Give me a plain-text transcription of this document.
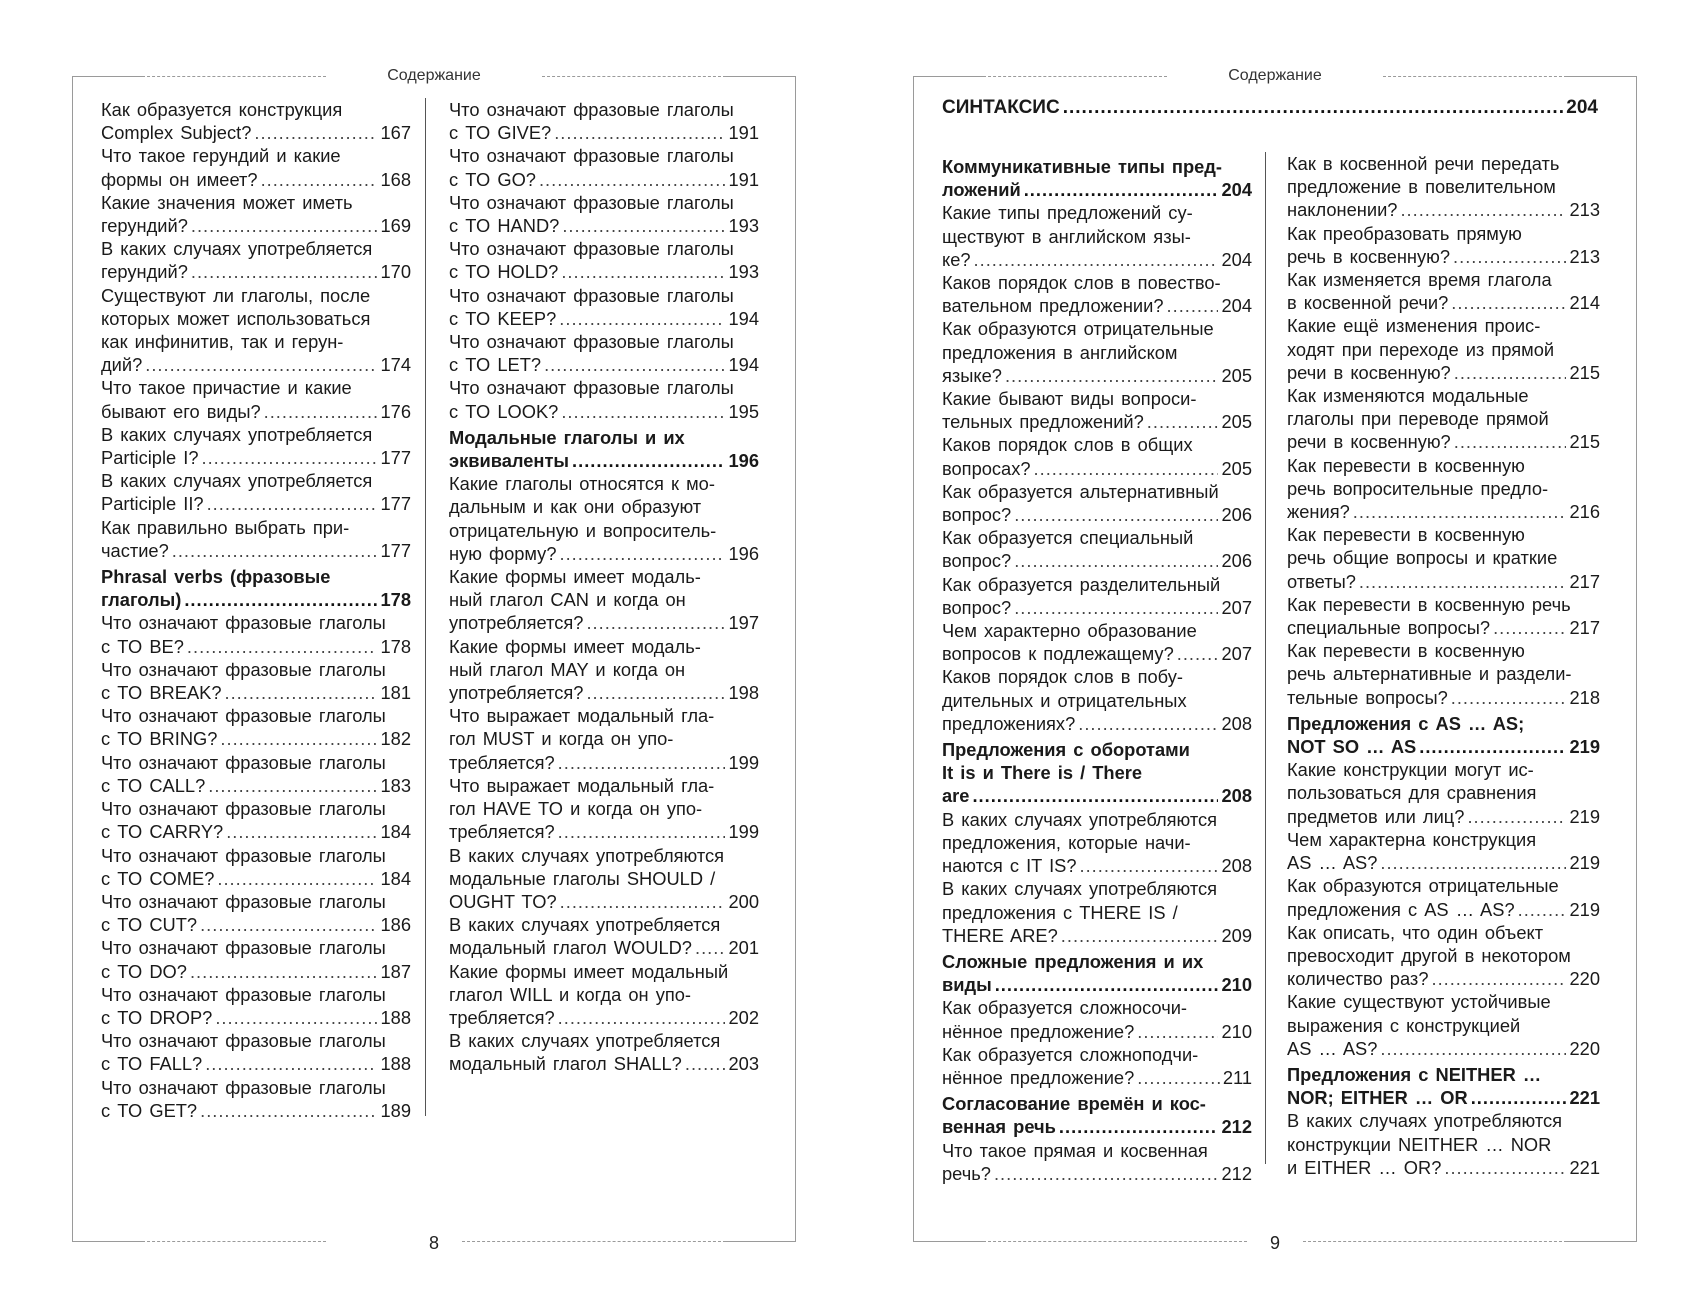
Содержание
Как образуется конструкция
Complex Subject? .....	167
Что такое герундий и какие
формы он имеет? .....	168
Какие значения может иметь
герундий? .....	169
В каких случаях употребляется
герундий? .....	170
Существуют ли глаголы, после
которых может использоваться
как инфинитив, так и герун-
дий? .....	174
Что такое причастие и какие
бывают его виды? .....	176
В каких случаях употребляется
Participle I? .....	177
В каких случаях употребляется
Participle II? .....	177
Как правильно выбрать при-
частие? .....	177
Phrasal verbs (фразовые
глаголы) .....	178
Что означают фразовые глаголы
с TO BE? .....	178
Что означают фразовые глаголы
с TO BREAK? .....	181
Что означают фразовые глаголы
с TO BRING? .....	182
Что означают фразовые глаголы
с TO CALL? .....	183
Что означают фразовые глаголы
с TO CARRY? .....	184
Что означают фразовые глаголы
с TO COME? .....	184
Что означают фразовые глаголы
с TO CUT? .....	186
Что означают фразовые глаголы
с TO DO? .....	187
Что означают фразовые глаголы
с TO DROP? .....	188
Что означают фразовые глаголы
с TO FALL? .....	188
Что означают фразовые глаголы
с TO GET? .....	189
Что означают фразовые глаголы
с TO GIVE? .....	191
Что означают фразовые глаголы
с TO GO? .....	191
Что означают фразовые глаголы
с TO HAND? .....	193
Что означают фразовые глаголы
с TO HOLD? .....	193
Что означают фразовые глаголы
с TO KEEP? .....	194
Что означают фразовые глаголы
с TO LET? .....	194
Что означают фразовые глаголы
с TO LOOK? .....	195
Модальные глаголы и их
эквиваленты .....	196
Какие глаголы относятся к мо-
дальным и как они образуют
отрицательную и вопроситель-
ную форму? .....	196
Какие формы имеет модаль-
ный глагол CAN и когда он
употребляется? .....	197
Какие формы имеет модаль-
ный глагол MAY и когда он
употребляется? .....	198
Что выражает модальный гла-
гол MUST и когда он упо-
требляется? .....	199
Что выражает модальный гла-
гол HAVE TO и когда он упо-
требляется? .....	199
В каких случаях употребляются
модальные глаголы SHOULD /
OUGHT TO? .....	200
В каких случаях употребляется
модальный глагол WOULD? ..... 201
Какие формы имеет модальный
глагол WILL и когда он упо-
требляется? .....	202
В каких случаях употребляется
модальный глагол SHALL? .....	203
8
Содержание
СИНТАКСИС .....	204
Коммуникативные типы пред-
ложений .....	204
Какие типы предложений су-
ществуют в английском язы-
ке? .....	204
Каков порядок слов в повество-
вательном предложении? .....	204
Как образуются отрицательные
предложения в английском
языке? .....	205
Какие бывают виды вопроси-
тельных предложений? .....	205
Каков порядок слов в общих
вопросах? .....	205
Как образуется альтернативный
вопрос? .....	206
Как образуется специальный
вопрос? .....	206
Как образуется разделительный
вопрос? .....	207
Чем характерно образование
вопросов к подлежащему? .....	207
Каков порядок слов в побу-
дительных и отрицательных
предложениях? .....	208
Предложения с оборотами
It is и There is / There
are .....	208
В каких случаях употребляются
предложения, которые начи-
наются с IT IS? .....	208
В каких случаях употребляются
предложения с THERE IS /
THERE ARE? .....	209
Сложные предложения и их
виды .....	210
Как образуется сложносочи-
нённое предложение? .....	210
Как образуется сложноподчи-
нённое предложение? .....	211
Согласование времён и кос-
венная речь .....	212
Что такое прямая и косвенная
речь? .....	212
Как в косвенной речи передать
предложение в повелительном
наклонении? .....	213
Как преобразовать прямую
речь в косвенную? .....	213
Как изменяется время глагола
в косвенной речи? .....	214
Какие ещё изменения проис-
ходят при переходе из прямой
речи в косвенную? .....	215
Как изменяются модальные
глаголы при переводе прямой
речи в косвенную? .....	215
Как перевести в косвенную
речь вопросительные предло-
жения? .....	216
Как перевести в косвенную
речь общие вопросы и краткие
ответы? .....	217
Как перевести в косвенную речь
специальные вопросы? .....	217
Как перевести в косвенную
речь альтернативные и раздели-
тельные вопросы? .....	218
Предложения с AS … AS;
NOT SO … AS .....	219
Какие конструкции могут ис-
пользоваться для сравнения
предметов или лиц? .....	219
Чем характерна конструкция
AS … AS? .....	219
Как образуются отрицательные
предложения с AS … AS? .....	219
Как описать, что один объект
превосходит другой в некотором
количество раз? .....	220
Какие существуют устойчивые
выражения с конструкцией
AS … AS? .....	220
Предложения с NEITHER …
NOR; EITHER … OR .....	221
В каких случаях употребляются
конструкции NEITHER … NOR
и EITHER … OR? .....	221
9
